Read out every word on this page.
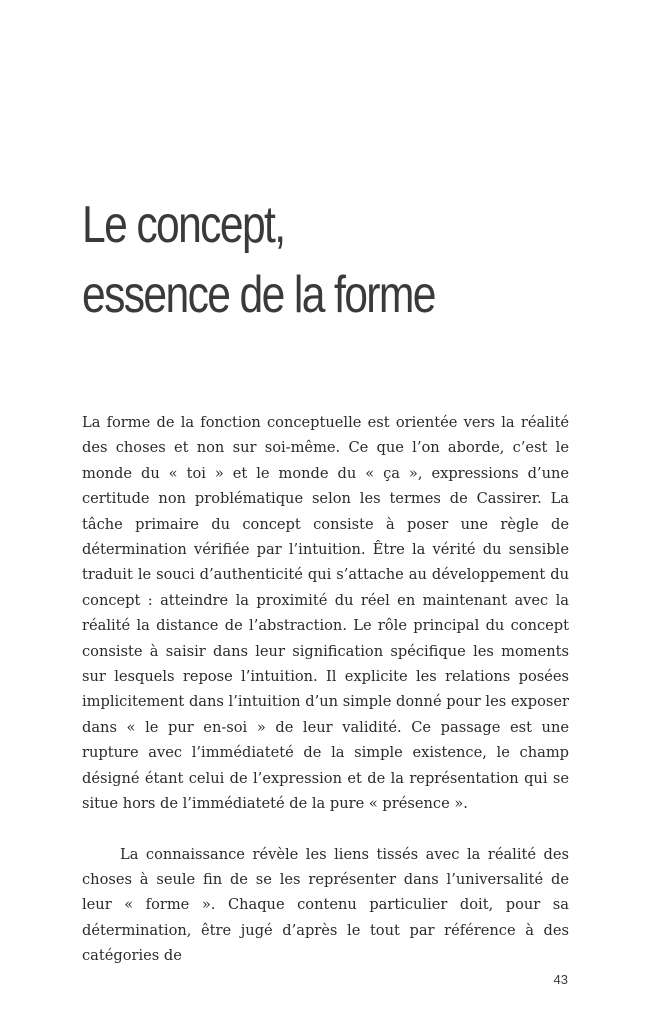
Le concept,
essence de la forme

La forme de la fonction conceptuelle est orientée vers la réalité des choses et non sur soi-même. Ce que l’on aborde, c’est le monde du « toi » et le monde du « ça », expressions d’une certitude non problématique selon les termes de Cassirer. La tâche primaire du concept consiste à poser une règle de détermination vérifiée par l’intuition. Être la vérité du sensible traduit le souci d’authenticité qui s’attache au développement du concept : atteindre la proximité du réel en maintenant avec la réalité la distance de l’abstraction. Le rôle principal du concept consiste à saisir dans leur signification spécifique les moments sur lesquels repose l’intuition. Il explicite les relations posées implicitement dans l’intuition d’un simple donné pour les exposer dans « le pur en-soi » de leur validité. Ce passage est une rupture avec l’immédiateté de la simple existence, le champ désigné étant celui de l’expression et de la représentation qui se situe hors de l’immédiateté de la pure « présence ».

La connaissance révèle les liens tissés avec la réalité des choses à seule fin de se les représenter dans l’universalité de leur « forme ». Chaque contenu particulier doit, pour sa détermination, être jugé d’après le tout par référence à des catégories de

43
